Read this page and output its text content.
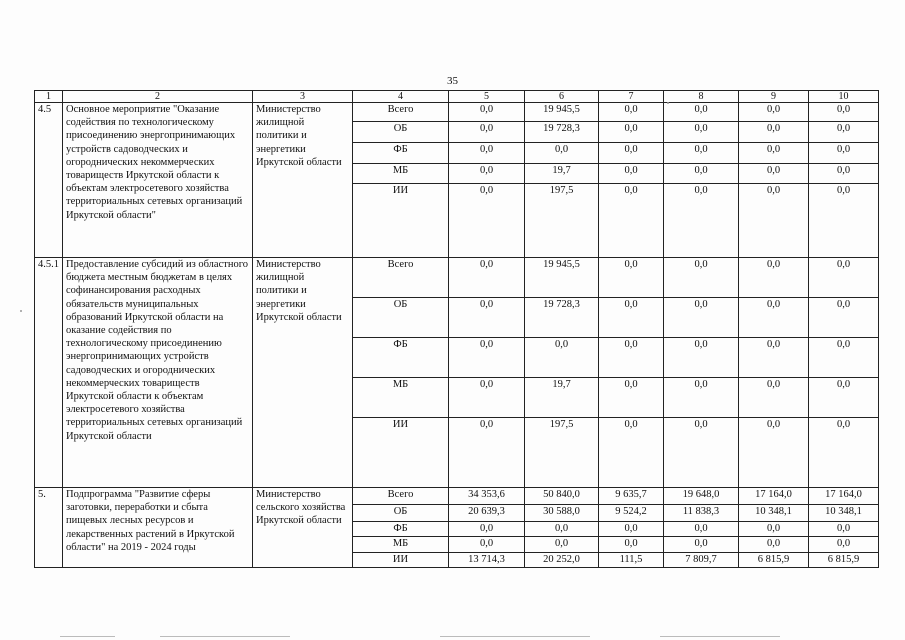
35
1	2	3	4	5	6	7	8	9	10
4.5	Основное мероприятие "Оказание содействия по технологическому присоединению энергопринимающих устройств садоводческих и огороднических некоммерческих товариществ Иркутской области к объектам электросетевого хозяйства территориальных сетевых организаций Иркутской области"	Министерство жилищной политики и энергетики Иркутской области	Всего	0,0	19 945,5	0,0	0,0	0,0	0,0
			ОБ	0,0	19 728,3	0,0	0,0	0,0	0,0
			ФБ	0,0	0,0	0,0	0,0	0,0	0,0
			МБ	0,0	19,7	0,0	0,0	0,0	0,0
			ИИ	0,0	197,5	0,0	0,0	0,0	0,0
4.5.1	Предоставление субсидий из областного бюджета местным бюджетам в целях софинансирования расходных обязательств муниципальных образований Иркутской области на оказание содействия по технологическому присоединению энергопринимающих устройств садоводческих и огороднических некоммерческих товариществ Иркутской области к объектам электросетевого хозяйства территориальных сетевых организаций Иркутской области	Министерство жилищной политики и энергетики Иркутской области	Всего	0,0	19 945,5	0,0	0,0	0,0	0,0
			ОБ	0,0	19 728,3	0,0	0,0	0,0	0,0
			ФБ	0,0	0,0	0,0	0,0	0,0	0,0
			МБ	0,0	19,7	0,0	0,0	0,0	0,0
			ИИ	0,0	197,5	0,0	0,0	0,0	0,0
5.	Подпрограмма "Развитие сферы заготовки, переработки и сбыта пищевых лесных ресурсов и лекарственных растений в Иркутской области" на 2019 - 2024 годы	Министерство сельского хозяйства Иркутской области	Всего	34 353,6	50 840,0	9 635,7	19 648,0	17 164,0	17 164,0
			ОБ	20 639,3	30 588,0	9 524,2	11 838,3	10 348,1	10 348,1
			ФБ	0,0	0,0	0,0	0,0	0,0	0,0
			МБ	0,0	0,0	0,0	0,0	0,0	0,0
			ИИ	13 714,3	20 252,0	111,5	7 809,7	6 815,9	6 815,9
